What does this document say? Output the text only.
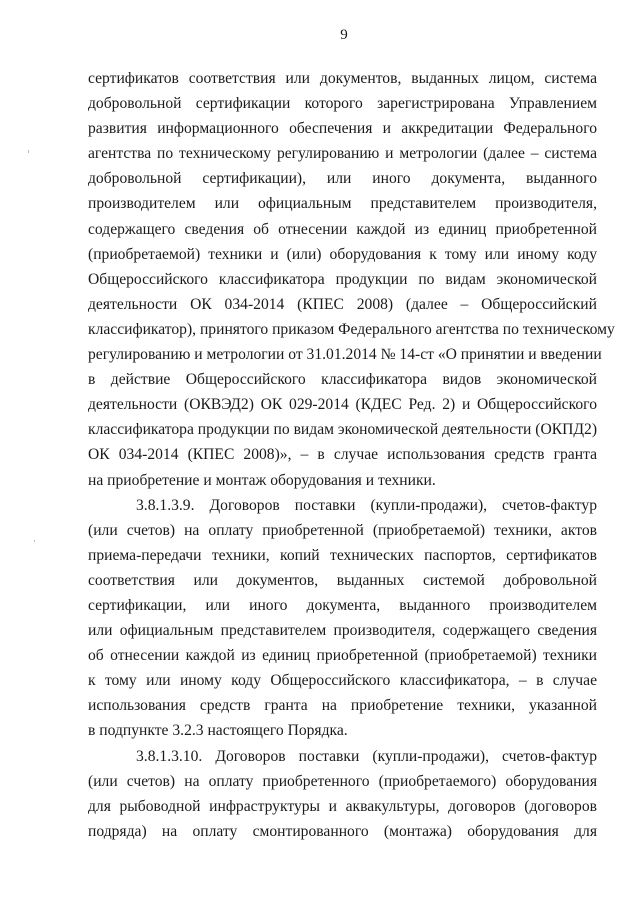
9
сертификатов соответствия или документов, выданных лицом, система
добровольной сертификации которого зарегистрирована Управлением
развития информационного обеспечения и аккредитации Федерального
агентства по техническому регулированию и метрологии (далее – система
добровольной сертификации), или иного документа, выданного
производителем или официальным представителем производителя,
содержащего сведения об отнесении каждой из единиц приобретенной
(приобретаемой) техники и (или) оборудования к тому или иному коду
Общероссийского классификатора продукции по видам экономической
деятельности ОК 034-2014 (КПЕС 2008) (далее – Общероссийский
классификатор), принятого приказом Федерального агентства по техническому
регулированию и метрологии от 31.01.2014 № 14-ст «О принятии и введении
в действие Общероссийского классификатора видов экономической
деятельности (ОКВЭД2) ОК 029-2014 (КДЕС Ред. 2) и Общероссийского
классификатора продукции по видам экономической деятельности (ОКПД2)
ОК 034-2014 (КПЕС 2008)», – в случае использования средств гранта
на приобретение и монтаж оборудования и техники.
3.8.1.3.9. Договоров поставки (купли-продажи), счетов-фактур
(или счетов) на оплату приобретенной (приобретаемой) техники, актов
приема-передачи техники, копий технических паспортов, сертификатов
соответствия или документов, выданных системой добровольной
сертификации, или иного документа, выданного производителем
или официальным представителем производителя, содержащего сведения
об отнесении каждой из единиц приобретенной (приобретаемой) техники
к тому или иному коду Общероссийского классификатора, – в случае
использования средств гранта на приобретение техники, указанной
в подпункте 3.2.3 настоящего Порядка.
3.8.1.3.10. Договоров поставки (купли-продажи), счетов-фактур
(или счетов) на оплату приобретенного (приобретаемого) оборудования
для рыбоводной инфраструктуры и аквакультуры, договоров (договоров
подряда) на оплату смонтированного (монтажа) оборудования для
